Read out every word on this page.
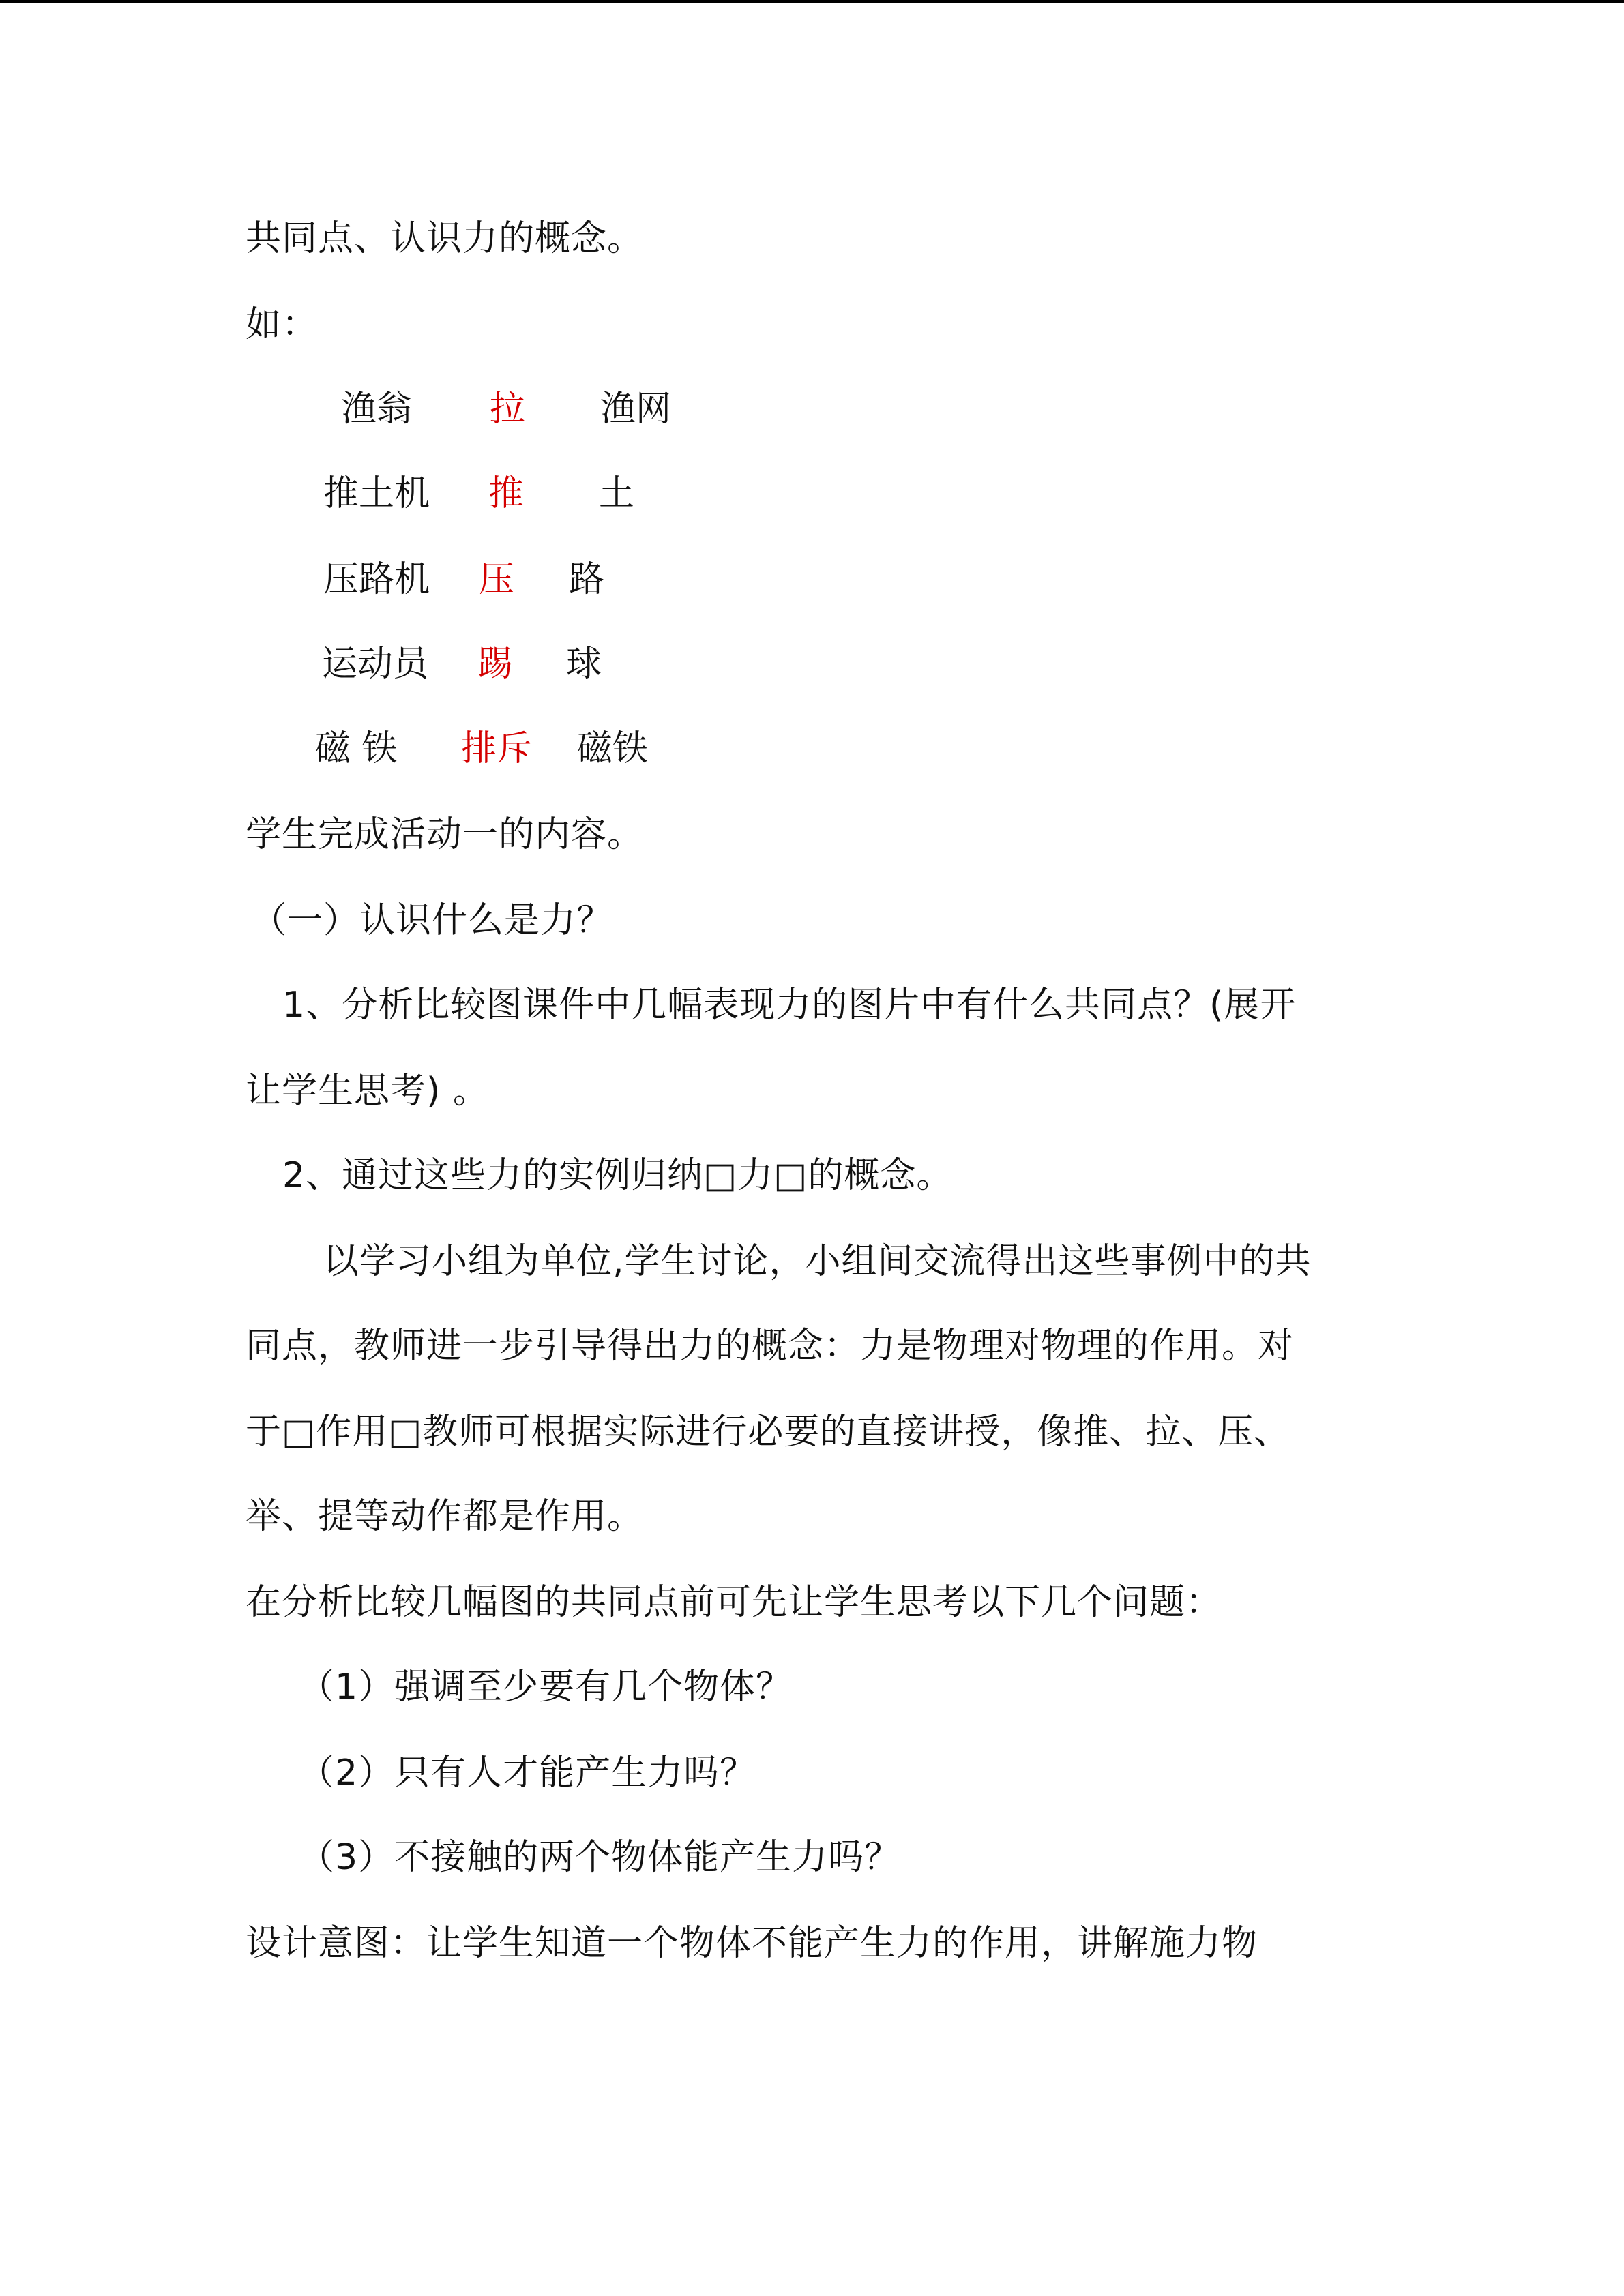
共同点、认识力的概念。
如：
渔翁 拉 渔网
推土机 推 土
压路机 压 路
运动员 踢 球
磁 铁 排斥 磁铁
学生完成活动一的内容。
（一）认识什么是力？
1、分析比较图课件中几幅表现力的图片中有什么共同点？(展开
让学生思考) 。
2、通过这些力的实例归纳□力□的概念。
以学习小组为单位,学生讨论，小组间交流得出这些事例中的共
同点，教师进一步引导得出力的概念：力是物理对物理的作用。对
于□作用□教师可根据实际进行必要的直接讲授，像推、拉、压、
举、提等动作都是作用。
在分析比较几幅图的共同点前可先让学生思考以下几个问题：
（1）强调至少要有几个物体？
（2）只有人才能产生力吗？
（3）不接触的两个物体能产生力吗？
设计意图：让学生知道一个物体不能产生力的作用，讲解施力物
